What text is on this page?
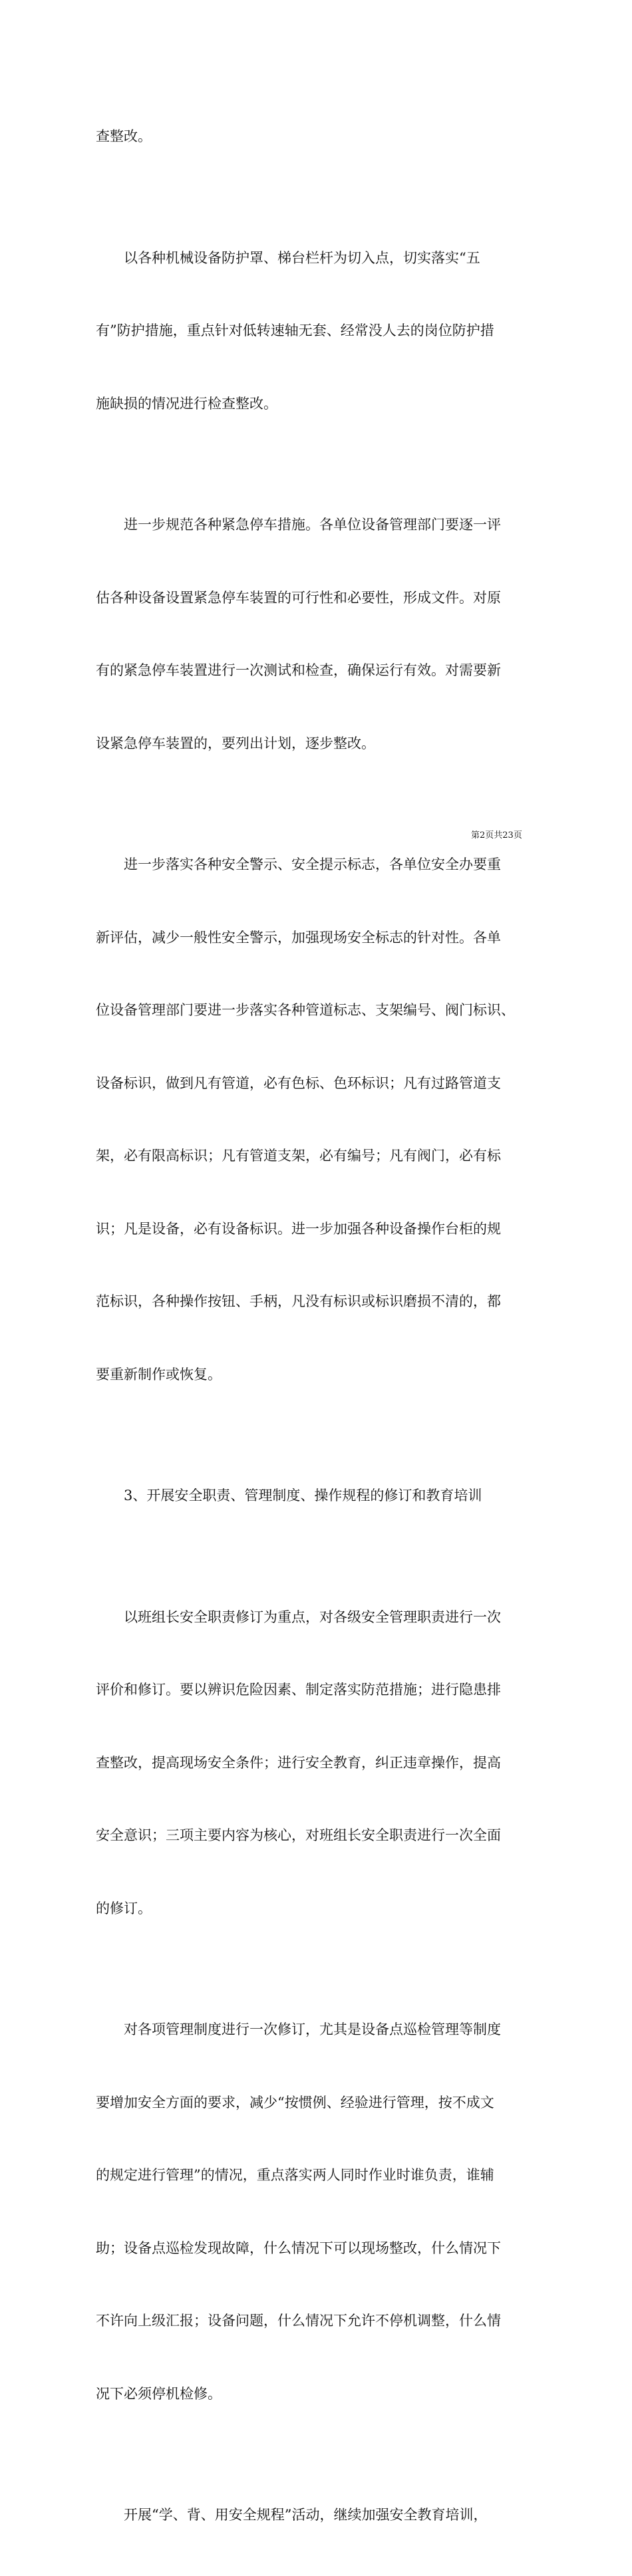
查整改。

以各种机械设备防护罩、梯台栏杆为切入点，切实落实“五

有”防护措施，重点针对低转速轴无套、经常没人去的岗位防护措

施缺损的情况进行检查整改。

进一步规范各种紧急停车措施。各单位设备管理部门要逐一评

估各种设备设置紧急停车装置的可行性和必要性，形成文件。对原

有的紧急停车装置进行一次测试和检查，确保运行有效。对需要新

设紧急停车装置的，要列出计划，逐步整改。

进一步落实各种安全警示、安全提示标志，各单位安全办要重

新评估，减少一般性安全警示，加强现场安全标志的针对性。各单

位设备管理部门要进一步落实各种管道标志、支架编号、阀门标识、

设备标识，做到凡有管道，必有色标、色环标识；凡有过路管道支

架，必有限高标识；凡有管道支架，必有编号；凡有阀门，必有标

识；凡是设备，必有设备标识。进一步加强各种设备操作台柜的规

范标识，各种操作按钮、手柄，凡没有标识或标识磨损不清的，都

要重新制作或恢复。

3、开展安全职责、管理制度、操作规程的修订和教育培训

以班组长安全职责修订为重点，对各级安全管理职责进行一次

评价和修订。要以辨识危险因素、制定落实防范措施；进行隐患排

查整改，提高现场安全条件；进行安全教育，纠正违章操作，提高

安全意识；三项主要内容为核心，对班组长安全职责进行一次全面

的修订。

对各项管理制度进行一次修订，尤其是设备点巡检管理等制度

要增加安全方面的要求，减少“按惯例、经验进行管理，按不成文

的规定进行管理”的情况，重点落实两人同时作业时谁负责，谁辅

助；设备点巡检发现故障，什么情况下可以现场整改，什么情况下

不许向上级汇报；设备问题，什么情况下允许不停机调整，什么情

况下必须停机检修。

开展“学、背、用安全规程”活动，继续加强安全教育培训，

第2页共23页
